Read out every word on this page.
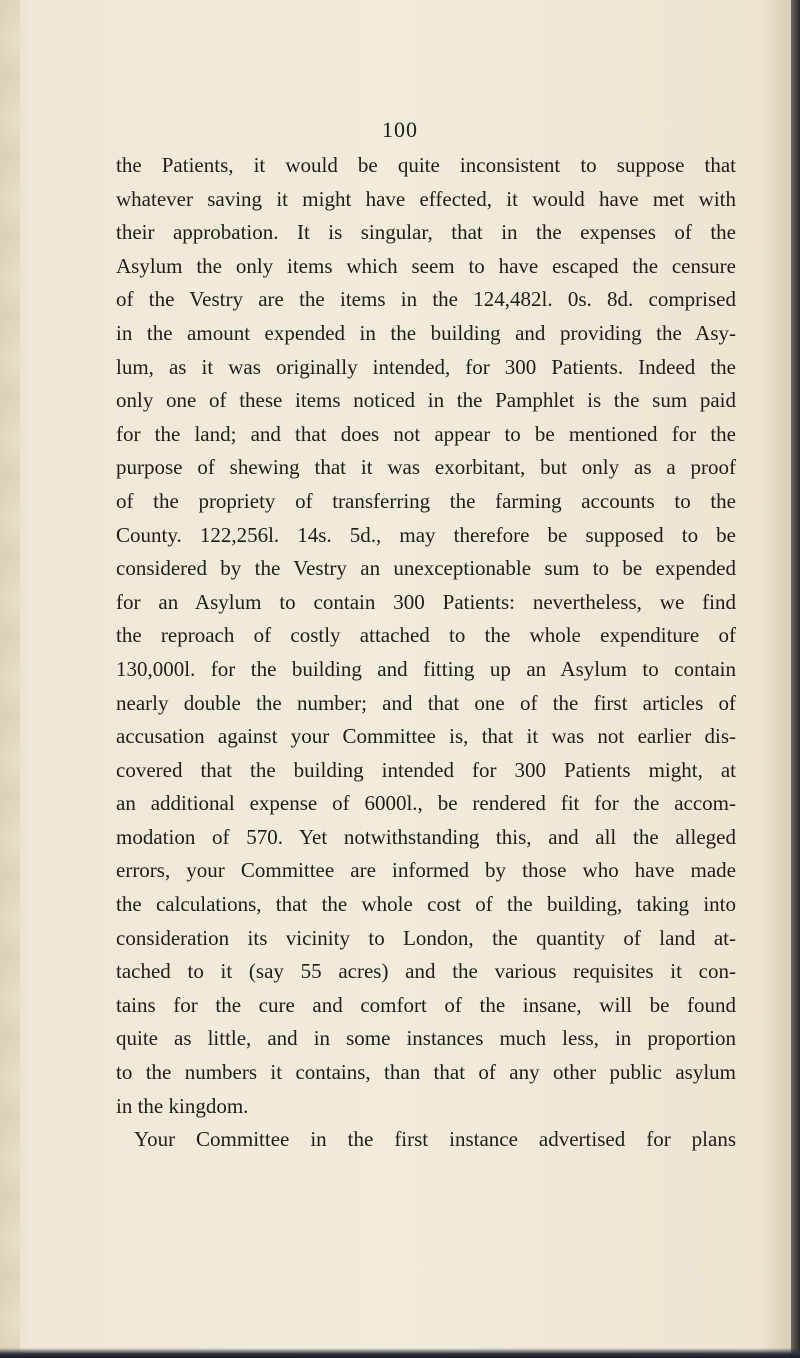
100
the Patients, it would be quite inconsistent to suppose that
whatever saving it might have effected, it would have met with
their approbation. It is singular, that in the expenses of the
Asylum the only items which seem to have escaped the censure
of the Vestry are the items in the 124,482l. 0s. 8d. comprised
in the amount expended in the building and providing the Asy-
lum, as it was originally intended, for 300 Patients. Indeed the
only one of these items noticed in the Pamphlet is the sum paid
for the land; and that does not appear to be mentioned for the
purpose of shewing that it was exorbitant, but only as a proof
of the propriety of transferring the farming accounts to the
County. 122,256l. 14s. 5d., may therefore be supposed to be
considered by the Vestry an unexceptionable sum to be expended
for an Asylum to contain 300 Patients: nevertheless, we find
the reproach of costly attached to the whole expenditure of
130,000l. for the building and fitting up an Asylum to contain
nearly double the number; and that one of the first articles of
accusation against your Committee is, that it was not earlier dis-
covered that the building intended for 300 Patients might, at
an additional expense of 6000l., be rendered fit for the accom-
modation of 570. Yet notwithstanding this, and all the alleged
errors, your Committee are informed by those who have made
the calculations, that the whole cost of the building, taking into
consideration its vicinity to London, the quantity of land at-
tached to it (say 55 acres) and the various requisites it con-
tains for the cure and comfort of the insane, will be found
quite as little, and in some instances much less, in proportion
to the numbers it contains, than that of any other public asylum
in the kingdom.
Your Committee in the first instance advertised for plans
